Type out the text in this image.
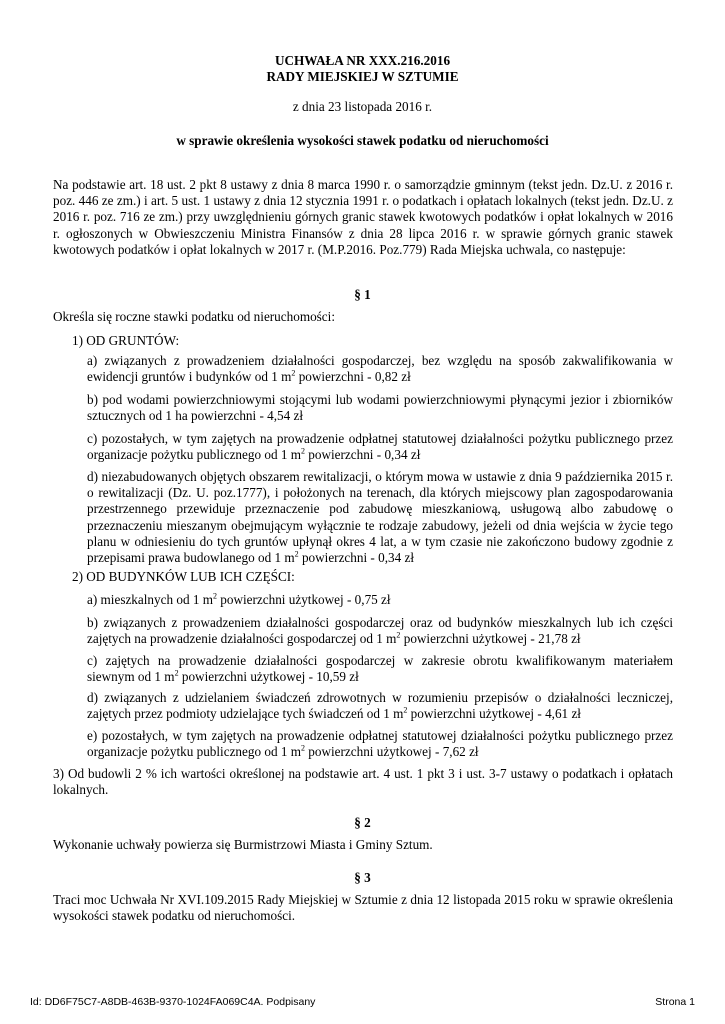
UCHWAŁA NR XXX.216.2016
RADY MIEJSKIEJ W SZTUMIE
z dnia 23 listopada 2016 r.
w sprawie określenia wysokości stawek podatku od nieruchomości
Na podstawie art. 18 ust. 2 pkt 8 ustawy z dnia 8 marca 1990 r. o samorządzie gminnym (tekst jedn. Dz.U. z 2016 r. poz. 446 ze zm.) i art. 5 ust. 1 ustawy z dnia 12 stycznia 1991 r. o podatkach i opłatach lokalnych (tekst jedn. Dz.U. z 2016 r. poz. 716 ze zm.) przy uwzględnieniu górnych granic stawek kwotowych podatków i opłat lokalnych w 2016 r. ogłoszonych w Obwieszczeniu Ministra Finansów z dnia 28 lipca 2016 r. w sprawie górnych granic stawek kwotowych podatków i opłat lokalnych w 2017 r. (M.P.2016. Poz.779) Rada Miejska uchwala, co następuje:
§ 1
Określa się roczne stawki podatku od nieruchomości:
1) OD GRUNTÓW:
a) związanych z prowadzeniem działalności gospodarczej, bez względu na sposób zakwalifikowania w ewidencji gruntów i budynków od 1 $m^2$ powierzchni - 0,82 zł
b) pod wodami powierzchniowymi stojącymi lub wodami powierzchniowymi płynącymi jezior i zbiorników sztucznych od 1 ha powierzchni - 4,54 zł
c) pozostałych, w tym zajętych na prowadzenie odpłatnej statutowej działalności pożytku publicznego przez organizacje pożytku publicznego od 1 $m^2$ powierzchni - 0,34 zł
d) niezabudowanych objętych obszarem rewitalizacji, o którym mowa w ustawie z dnia 9 października 2015 r. o rewitalizacji (Dz. U. poz.1777), i położonych na terenach, dla których miejscowy plan zagospodarowania przestrzennego przewiduje przeznaczenie pod zabudowę mieszkaniową, usługową albo zabudowę o przeznaczeniu mieszanym obejmującym wyłącznie te rodzaje zabudowy, jeżeli od dnia wejścia w życie tego planu w odniesieniu do tych gruntów upłynął okres 4 lat, a w tym czasie nie zakończono budowy zgodnie z przepisami prawa budowlanego od 1 $m^2$ powierzchni - 0,34 zł
2) OD BUDYNKÓW LUB ICH CZĘŚCI:
a) mieszkalnych od 1 $m^2$ powierzchni użytkowej - 0,75 zł
b) związanych z prowadzeniem działalności gospodarczej oraz od budynków mieszkalnych lub ich części zajętych na prowadzenie działalności gospodarczej od 1 $m^2$ powierzchni użytkowej - 21,78 zł
c) zajętych na prowadzenie działalności gospodarczej w zakresie obrotu kwalifikowanym materiałem siewnym od 1 $m^2$ powierzchni użytkowej - 10,59 zł
d) związanych z udzielaniem świadczeń zdrowotnych w rozumieniu przepisów o działalności leczniczej, zajętych przez podmioty udzielające tych świadczeń od 1 $m^2$ powierzchni użytkowej - 4,61 zł
e) pozostałych, w tym zajętych na prowadzenie odpłatnej statutowej działalności pożytku publicznego przez organizacje pożytku publicznego od 1 $m^2$ powierzchni użytkowej - 7,62 zł
3) Od budowli 2 % ich wartości określonej na podstawie art. 4 ust. 1 pkt 3 i ust. 3-7 ustawy o podatkach i opłatach lokalnych.
§ 2
Wykonanie uchwały powierza się Burmistrzowi Miasta i Gminy Sztum.
§ 3
Traci moc Uchwała Nr XVI.109.2015 Rady Miejskiej w Sztumie z dnia 12 listopada 2015 roku w sprawie określenia wysokości stawek podatku od nieruchomości.
Id: DD6F75C7-A8DB-463B-9370-1024FA069C4A. Podpisany	Strona 1
